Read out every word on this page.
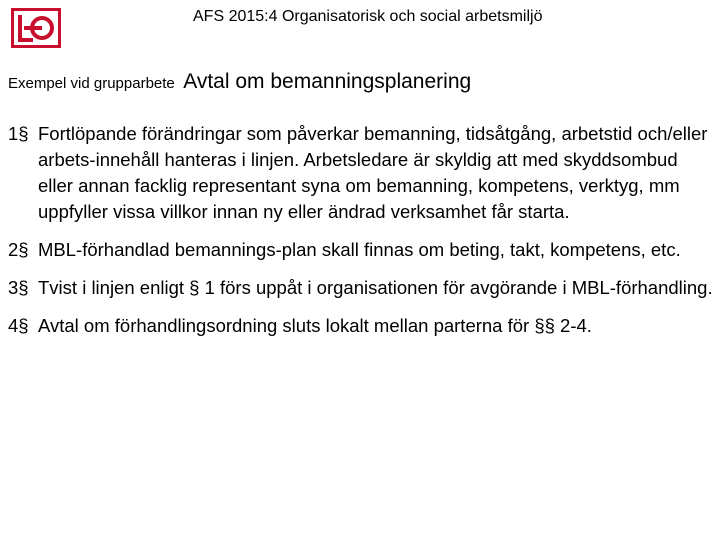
AFS 2015:4 Organisatorisk och social arbetsmiljö
Exempel vid grupparbete Avtal om bemanningsplanering
1§ Fortlöpande förändringar som påverkar bemanning, tidsåtgång, arbetstid och/eller arbets-innehåll hanteras i linjen. Arbetsledare är skyldig att med skyddsombud eller annan facklig representant syna om bemanning, kompetens, verktyg, mm uppfyller vissa villkor innan ny eller ändrad verksamhet får starta.
2§ MBL-förhandlad bemannings-plan skall finnas om beting, takt, kompetens, etc.
3§ Tvist i linjen enligt § 1 förs uppåt i organisationen för avgörande i MBL-förhandling.
4§ Avtal om förhandlingsordning sluts lokalt mellan parterna för §§ 2-4.
